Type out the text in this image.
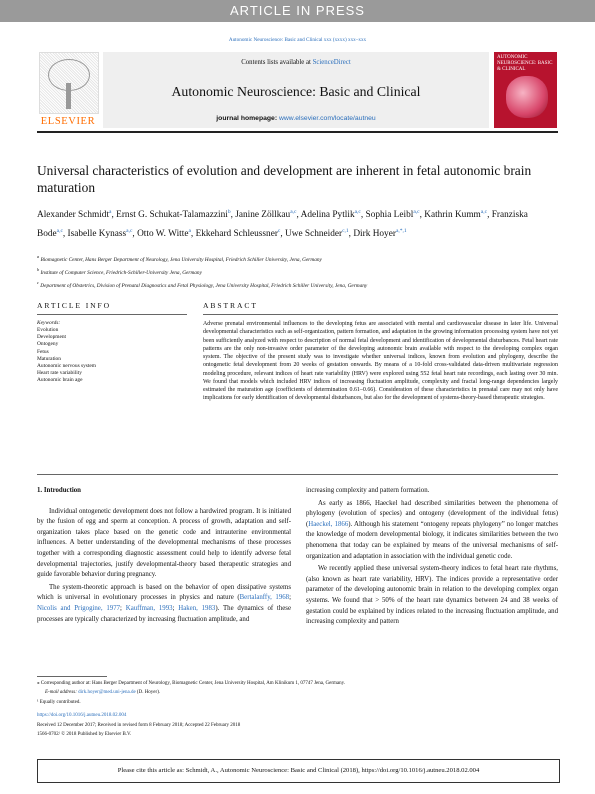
ARTICLE IN PRESS
Autonomic Neuroscience: Basic and Clinical xxx (xxxx) xxx–xxx
ELSEVIER
Contents lists available at ScienceDirect
Autonomic Neuroscience: Basic and Clinical
journal homepage: www.elsevier.com/locate/autneu
AUTONOMIC NEUROSCIENCE: BASIC & CLINICAL
Universal characteristics of evolution and development are inherent in fetal autonomic brain maturation
Alexander Schmidt$^a$, Ernst G. Schukat-Talamazzini$^b$, Janine Zöllkau$^{a,c}$, Adelina Pytlik$^{a,c}$, Sophia Leibl$^{a,c}$, Kathrin Kumm$^{a,c}$, Franziska Bode$^{a,c}$, Isabelle Kynass$^{a,c}$, Otto W. Witte$^a$, Ekkehard Schleussner$^c$, Uwe Schneider$^{c,1}$, Dirk Hoyer$^{a,*,1}$
$^a$ Biomagnetic Center, Hans Berger Department of Neurology, Jena University Hospital, Friedrich Schiller University, Jena, Germany
$^b$ Institute of Computer Science, Friedrich-Schiller-University Jena, Germany
$^c$ Department of Obstetrics, Division of Prenatal Diagnostics and Fetal Physiology, Jena University Hospital, Friedrich Schiller University, Jena, Germany
ARTICLE INFO	ABSTRACT
Keywords:
Evolution
Development
Ontogeny
Fetus
Maturation
Autonomic nervous system
Heart rate variability
Autonomic brain age
Adverse prenatal environmental influences to the developing fetus are associated with mental and cardiovascular disease in later life. Universal developmental characteristics such as self-organization, pattern formation, and adaptation in the growing information processing system have not yet been sufficiently analyzed with respect to description of normal fetal development and identification of developmental disturbances. Fetal heart rate patterns are the only non-invasive order parameter of the developing autonomic brain available with respect to the developing complex organ system. The objective of the present study was to investigate whether universal indices, known from evolution and phylogeny, describe the ontogenetic fetal development from 20 weeks of gestation onwards. By means of a 10-fold cross-validated data-driven multivariate regression modeling procedure, relevant indices of heart rate variability (HRV) were explored using 552 fetal heart rate recordings, each lasting over 30 min. We found that models which included HRV indices of increasing fluctuation amplitude, complexity and fractal long-range dependencies largely estimated the maturation age (coefficients of determination 0.61–0.66). Consideration of these characteristics in prenatal care may not only have implications for early identification of developmental disturbances, but also for the development of systems-theory-based therapeutic strategies.
1. Introduction

Individual ontogenetic development does not follow a hardwired program. It is initiated by the fusion of egg and sperm at conception. A process of growth, adaptation and self-organization takes place based on the genetic code and intrauterine environmental influences. A better understanding of the developmental mechanisms of these processes together with a corresponding diagnostic assessment could help to identify adverse fetal developmental trajectories, justify developmental-theory based therapeutic strategies and guide favorable behavior during pregnancy.

The system-theoretic approach is based on the behavior of open dissipative systems which is universal in evolutionary processes in physics and nature (Bertalanffy, 1968; Nicolis and Prigogine, 1977; Kauffman, 1993; Haken, 1983). The dynamics of these processes are typically characterized by increasing fluctuation amplitude, and

increasing complexity and pattern formation.

As early as 1866, Haeckel had described similarities between the phenomena of phylogeny (evolution of species) and ontogeny (development of the individual fetus) (Haeckel, 1866). Although his statement “ontogeny repeats phylogeny” no longer matches the knowledge of modern developmental biology, it indicates similarities between the two phenomena that today can be explained by means of the universal mechanisms of self-organization and adaptation in association with the individual genetic code.

We recently applied these universal system-theory indices to fetal heart rate rhythms, (also known as heart rate variability, HRV). The indices provide a representative order parameter of the developing autonomic brain in relation to the developing complex organ systems. We found that > 50% of the heart rate dynamics between 24 and 38 weeks of gestation could be explained by indices related to the increasing fluctuation amplitude, and increasing complexity and pattern

⁎ Corresponding author at: Hans Berger Department of Neurology, Biomagnetic Center, Jena University Hospital, Am Klinikum 1, 07747 Jena, Germany.
E-mail address: dirk.hoyer@med.uni-jena.de (D. Hoyer).
¹ Equally contributed.
https://doi.org/10.1016/j.autneu.2018.02.004
Received 12 December 2017; Received in revised form 8 February 2018; Accepted 22 February 2018
1566-0702/ © 2018 Published by Elsevier B.V.
Please cite this article as: Schmidt, A., Autonomic Neuroscience: Basic and Clinical (2018), https://doi.org/10.1016/j.autneu.2018.02.004
